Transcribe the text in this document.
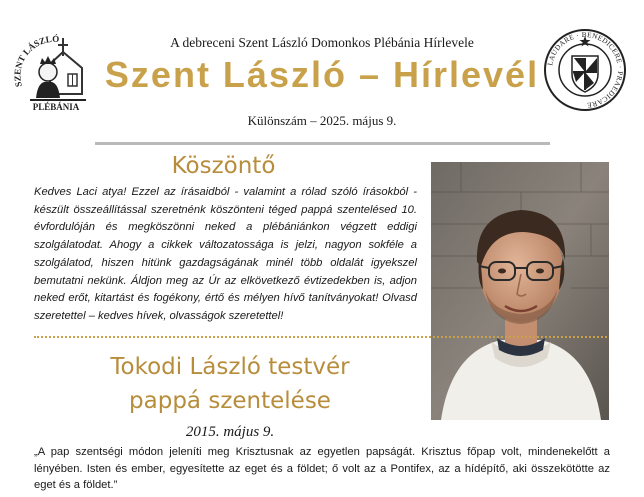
SZENT LÁSZLÓ
PLÉBÁNIA
A debreceni Szent László Domonkos Plébánia Hírlevele
Szent László – Hírlevél
Különszám – 2025. május 9.
LAUDARE · BENEDICERE · PRAEDICARE
Köszöntő

Kedves Laci atya! Ezzel az írásaidból - valamint a rólad szóló írásokból - készült összeállítással szeretnénk köszönteni téged pappá szentelésed 10. évfordulóján és megköszönni neked a plébániánkon végzett eddigi szolgálatodat. Ahogy a cikkek változatossága is jelzi, nagyon sokféle a szolgálatod, hiszen hitünk gazdagságának minél több oldalát igyekszel bemutatni nekünk. Áldjon meg az Úr az elkövetkező évtizedekben is, adjon neked erőt, kitartást és fogékony, értő és mélyen hívő tanítványokat! Olvasd szeretettel – kedves hívek, olvasságok szeretettel!

Tokodi László testvér
pappá szentelése
2015. május 9.

„A pap szentségi módon jeleníti meg Krisztusnak az egyetlen papságát. Krisztus főpap volt, mindenekelőtt a lényében. Isten és ember, egyesítette az eget és a földet; ő volt az a Pontifex, az a hídépítő, aki összekötötte az eget és a földet.”
